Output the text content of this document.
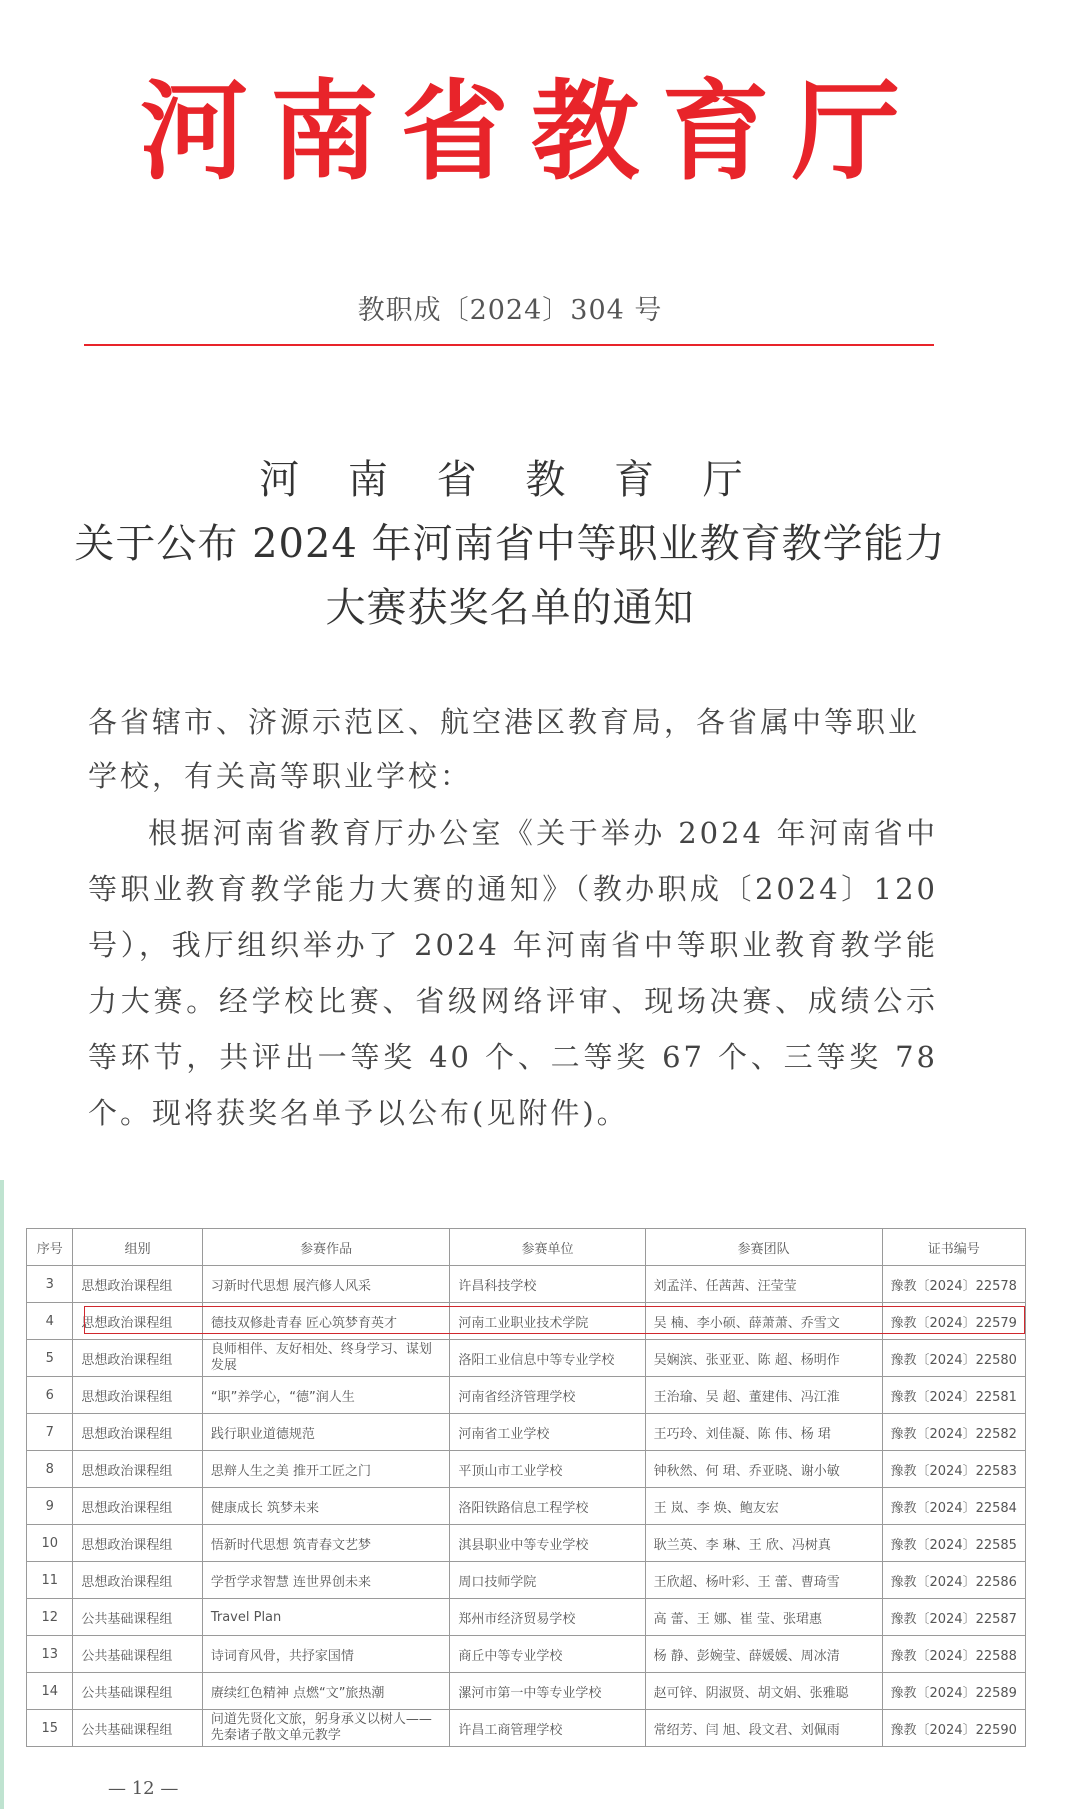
河 南 省 教 育 厅
教职成〔2024〕304 号
河 南 省 教 育 厅
关于公布 2024 年河南省中等职业教育教学能力
大赛获奖名单的通知
各省辖市、济源示范区、航空港区教育局，各省属中等职业学校，有关高等职业学校：
根据河南省教育厅办公室《关于举办 2024 年河南省中等职业教育教学能力大赛的通知》（教办职成〔2024〕120 号），我厅组织举办了 2024 年河南省中等职业教育教学能力大赛。经学校比赛、省级网络评审、现场决赛、成绩公示等环节，共评出一等奖 40 个、二等奖 67 个、三等奖 78 个。现将获奖名单予以公布(见附件)。
序号	组别	参赛作品	参赛单位	参赛团队	证书编号
3	思想政治课程组	习新时代思想 展汽修人风采	许昌科技学校	刘孟洋、任茜茜、汪莹莹	豫教〔2024〕22578
4	思想政治课程组	德技双修赴青春 匠心筑梦育英才	河南工业职业技术学院	吴 楠、李小硕、薛萧萧、乔雪文	豫教〔2024〕22579
5	思想政治课程组	良师相伴、友好相处、终身学习、谋划发展	洛阳工业信息中等专业学校	吴娴滨、张亚亚、陈 超、杨明作	豫教〔2024〕22580
6	思想政治课程组	“职”养学心，“德”润人生	河南省经济管理学校	王治瑜、吴 超、董建伟、冯江淮	豫教〔2024〕22581
7	思想政治课程组	践行职业道德规范	河南省工业学校	王巧玲、刘佳凝、陈 伟、杨 珺	豫教〔2024〕22582
8	思想政治课程组	思辩人生之美 推开工匠之门	平顶山市工业学校	钟秋然、何 珺、乔亚晓、谢小敏	豫教〔2024〕22583
9	思想政治课程组	健康成长 筑梦未来	洛阳铁路信息工程学校	王 岚、李 焕、鲍友宏	豫教〔2024〕22584
10	思想政治课程组	悟新时代思想 筑青春文艺梦	淇县职业中等专业学校	耿兰英、李 琳、王 欣、冯树真	豫教〔2024〕22585
11	思想政治课程组	学哲学求智慧 连世界创未来	周口技师学院	王欣超、杨叶彩、王 蕾、曹琦雪	豫教〔2024〕22586
12	公共基础课程组	Travel Plan	郑州市经济贸易学校	高 蕾、王 娜、崔 莹、张珺惠	豫教〔2024〕22587
13	公共基础课程组	诗词育风骨，共抒家国情	商丘中等专业学校	杨 静、彭婉莹、薛媛媛、周冰清	豫教〔2024〕22588
14	公共基础课程组	赓续红色精神 点燃“文”旅热潮	漯河市第一中等专业学校	赵可锌、阴淑贤、胡文娟、张雅聪	豫教〔2024〕22589
15	公共基础课程组	问道先贤化文旅，躬身承义以树人——先秦诸子散文单元教学	许昌工商管理学校	常绍芳、闫 旭、段文君、刘佩雨	豫教〔2024〕22590
— 12 —
